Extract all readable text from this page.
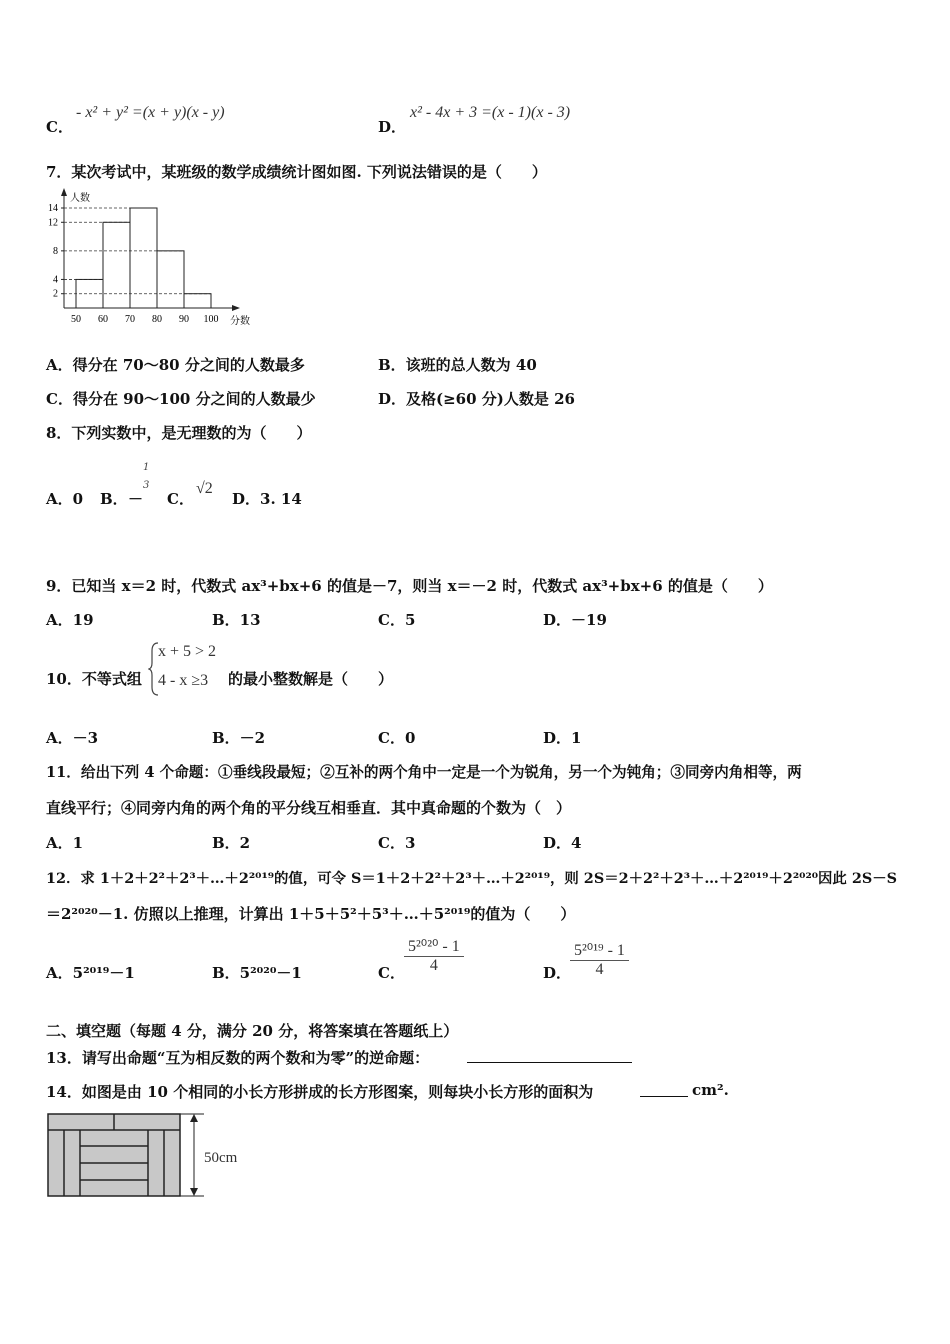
C．
- x² + y² =(x + y)(x - y)
D．
x² - 4x + 3 =(x - 1)(x - 3)
7．某次考试中，某班级的数学成绩统计图如图. 下列说法错误的是（　　）
2
4
8
12
14
50 60 70 80 90 100
人数
分数
A．得分在 70～80 分之间的人数最多	B．该班的总人数为 40
C．得分在 90～100 分之间的人数最少	D．及格(≥60 分)人数是 26
8．下列实数中，是无理数的为（　　）
A．0 B． －
1
3
C．
√2
D．3. 14
9．已知当 x＝2 时，代数式 ax³+bx+6 的值是－7，则当 x＝－2 时，代数式 ax³+bx+6 的值是（　　）
A．19	B．13	C．5	D．－19
10．不等式组
x + 5 > 2
4 - x ≥3 的最小整数解是（　　）
A．－3	B．－2	C．0	D．1
11．给出下列 4 个命题：①垂线段最短；②互补的两个角中一定是一个为锐角，另一个为钝角；③同旁内角相等，两
直线平行；④同旁内角的两个角的平分线互相垂直．其中真命题的个数为（　）
A．1	B．2	C．3	D．4
12．求 1＋2＋2²＋2³＋…＋2²⁰¹⁹的值，可令 S＝1＋2＋2²＋2³＋…＋2²⁰¹⁹，则 2S＝2＋2²＋2³＋…＋2²⁰¹⁹＋2²⁰²⁰因此 2S－S
＝2²⁰²⁰－1. 仿照以上推理，计算出 1＋5＋5²＋5³＋…＋5²⁰¹⁹的值为（　　）
A．5²⁰¹⁹－1	B．5²⁰²⁰－1	C． $\frac{\text{5²⁰²⁰ - 1}}{4}$	D．
$\frac{\text{5²⁰¹⁹ - 1}}{4}$
二、填空题（每题 4 分，满分 20 分，将答案填在答题纸上）
13．请写出命题“互为相反数的两个数和为零”的逆命题：
14．如图是由 10 个相同的小长方形拼成的长方形图案，则每块小长方形的面积为	cm².
50cm
